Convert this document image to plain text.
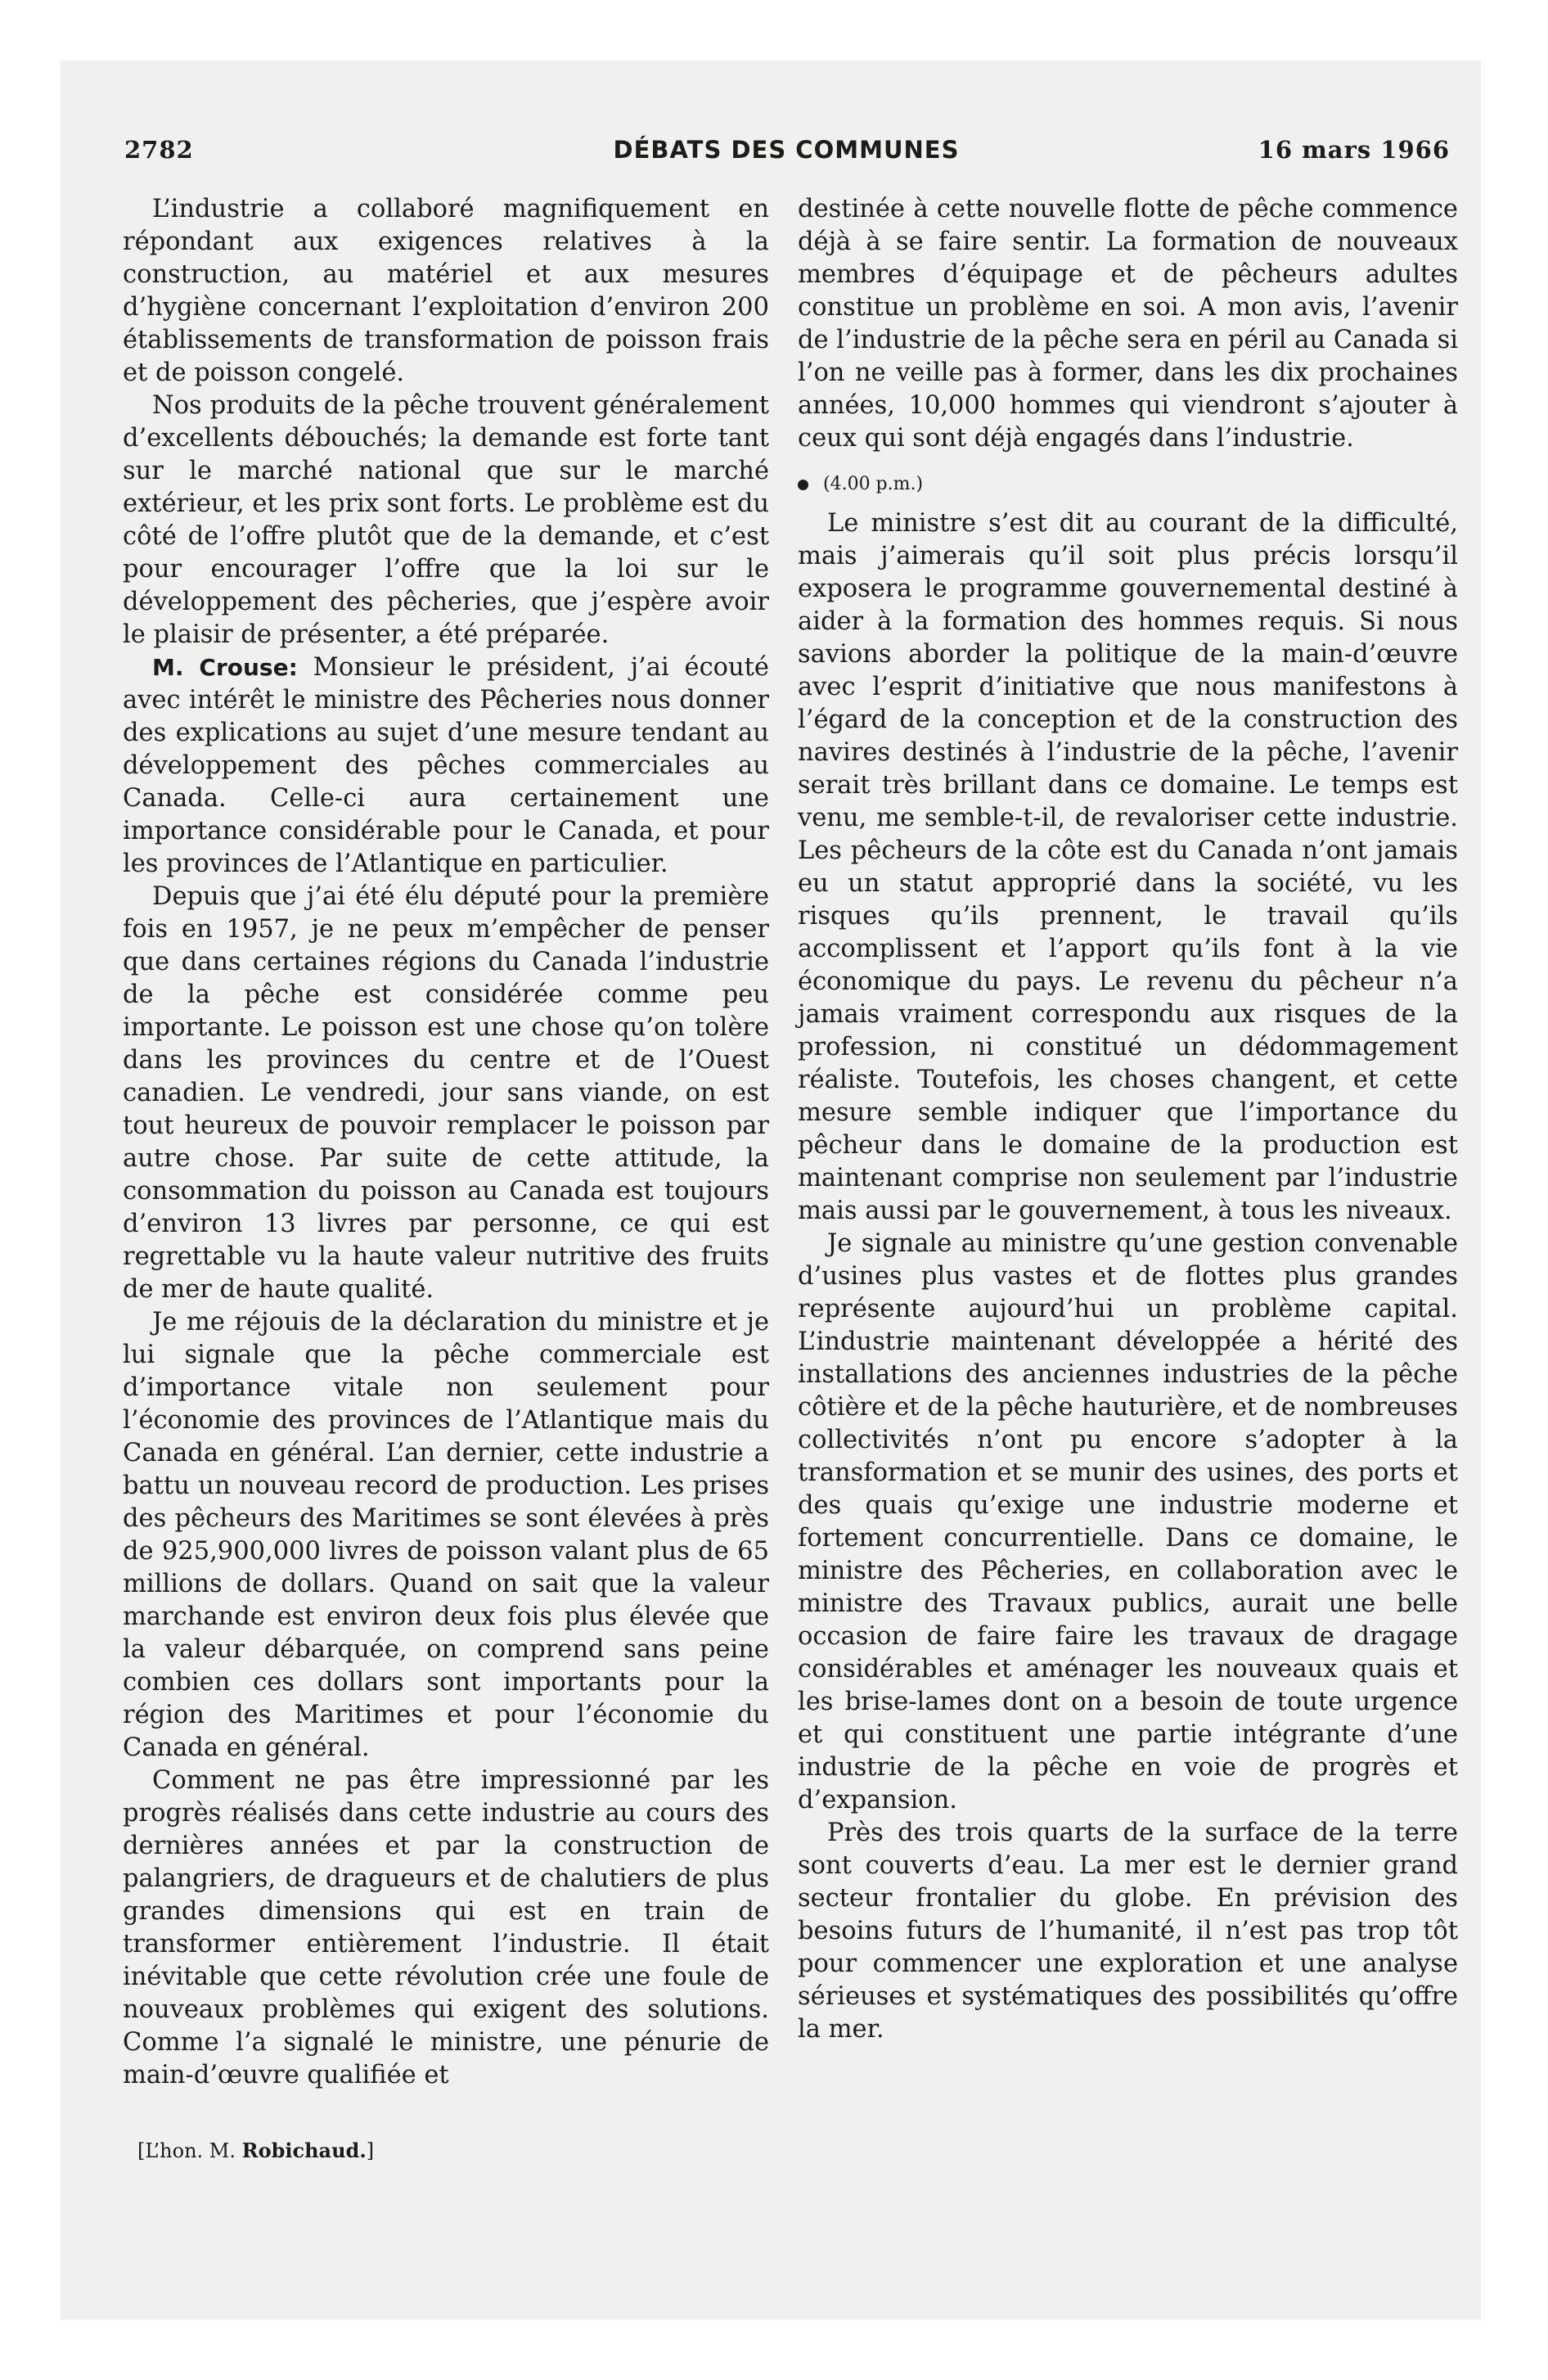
DÉBATS DES COMMUNES
2782	16 mars 1966

L’industrie a collaboré magnifiquement en répondant aux exigences relatives à la construction, au matériel et aux mesures d’hygiène concernant l’exploitation d’environ 200 établissements de transformation de poisson frais et de poisson congelé.

Nos produits de la pêche trouvent généralement d’excellents débouchés; la demande est forte tant sur le marché national que sur le marché extérieur, et les prix sont forts. Le problème est du côté de l’offre plutôt que de la demande, et c’est pour encourager l’offre que la loi sur le développement des pêcheries, que j’espère avoir le plaisir de présenter, a été préparée.

M. Crouse: Monsieur le président, j’ai écouté avec intérêt le ministre des Pêcheries nous donner des explications au sujet d’une mesure tendant au développement des pêches commerciales au Canada. Celle-ci aura certainement une importance considérable pour le Canada, et pour les provinces de l’Atlantique en particulier.

Depuis que j’ai été élu député pour la première fois en 1957, je ne peux m’empêcher de penser que dans certaines régions du Canada l’industrie de la pêche est considérée comme peu importante. Le poisson est une chose qu’on tolère dans les provinces du centre et de l’Ouest canadien. Le vendredi, jour sans viande, on est tout heureux de pouvoir remplacer le poisson par autre chose. Par suite de cette attitude, la consommation du poisson au Canada est toujours d’environ 13 livres par personne, ce qui est regrettable vu la haute valeur nutritive des fruits de mer de haute qualité.

Je me réjouis de la déclaration du ministre et je lui signale que la pêche commerciale est d’importance vitale non seulement pour l’économie des provinces de l’Atlantique mais du Canada en général. L’an dernier, cette industrie a battu un nouveau record de production. Les prises des pêcheurs des Maritimes se sont élevées à près de 925,900,000 livres de poisson valant plus de 65 millions de dollars. Quand on sait que la valeur marchande est environ deux fois plus élevée que la valeur débarquée, on comprend sans peine combien ces dollars sont importants pour la région des Maritimes et pour l’économie du Canada en général.

Comment ne pas être impressionné par les progrès réalisés dans cette industrie au cours des dernières années et par la construction de palangriers, de dragueurs et de chalutiers de plus grandes dimensions qui est en train de transformer entièrement l’industrie. Il était inévitable que cette révolution crée une foule de nouveaux problèmes qui exigent des solutions. Comme l’a signalé le ministre, une pénurie de main-d’œuvre qualifiée et

destinée à cette nouvelle flotte de pêche commence déjà à se faire sentir. La formation de nouveaux membres d’équipage et de pêcheurs adultes constitue un problème en soi. A mon avis, l’avenir de l’industrie de la pêche sera en péril au Canada si l’on ne veille pas à former, dans les dix prochaines années, 10,000 hommes qui viendront s’ajouter à ceux qui sont déjà engagés dans l’industrie.

(4.00 p.m.)

Le ministre s’est dit au courant de la difficulté, mais j’aimerais qu’il soit plus précis lorsqu’il exposera le programme gouvernemental destiné à aider à la formation des hommes requis. Si nous savions aborder la politique de la main-d’œuvre avec l’esprit d’initiative que nous manifestons à l’égard de la conception et de la construction des navires destinés à l’industrie de la pêche, l’avenir serait très brillant dans ce domaine. Le temps est venu, me semble-t-il, de revaloriser cette industrie. Les pêcheurs de la côte est du Canada n’ont jamais eu un statut approprié dans la société, vu les risques qu’ils prennent, le travail qu’ils accomplissent et l’apport qu’ils font à la vie économique du pays. Le revenu du pêcheur n’a jamais vraiment correspondu aux risques de la profession, ni constitué un dédommagement réaliste. Toutefois, les choses changent, et cette mesure semble indiquer que l’importance du pêcheur dans le domaine de la production est maintenant comprise non seulement par l’industrie mais aussi par le gouvernement, à tous les niveaux.

Je signale au ministre qu’une gestion convenable d’usines plus vastes et de flottes plus grandes représente aujourd’hui un problème capital. L’industrie maintenant développée a hérité des installations des anciennes industries de la pêche côtière et de la pêche hauturière, et de nombreuses collectivités n’ont pu encore s’adopter à la transformation et se munir des usines, des ports et des quais qu’exige une industrie moderne et fortement concurrentielle. Dans ce domaine, le ministre des Pêcheries, en collaboration avec le ministre des Travaux publics, aurait une belle occasion de faire faire les travaux de dragage considérables et aménager les nouveaux quais et les brise-lames dont on a besoin de toute urgence et qui constituent une partie intégrante d’une industrie de la pêche en voie de progrès et d’expansion.

Près des trois quarts de la surface de la terre sont couverts d’eau. La mer est le dernier grand secteur frontalier du globe. En prévision des besoins futurs de l’humanité, il n’est pas trop tôt pour commencer une exploration et une analyse sérieuses et systématiques des possibilités qu’offre la mer.

[L’hon. M. Robichaud.]
